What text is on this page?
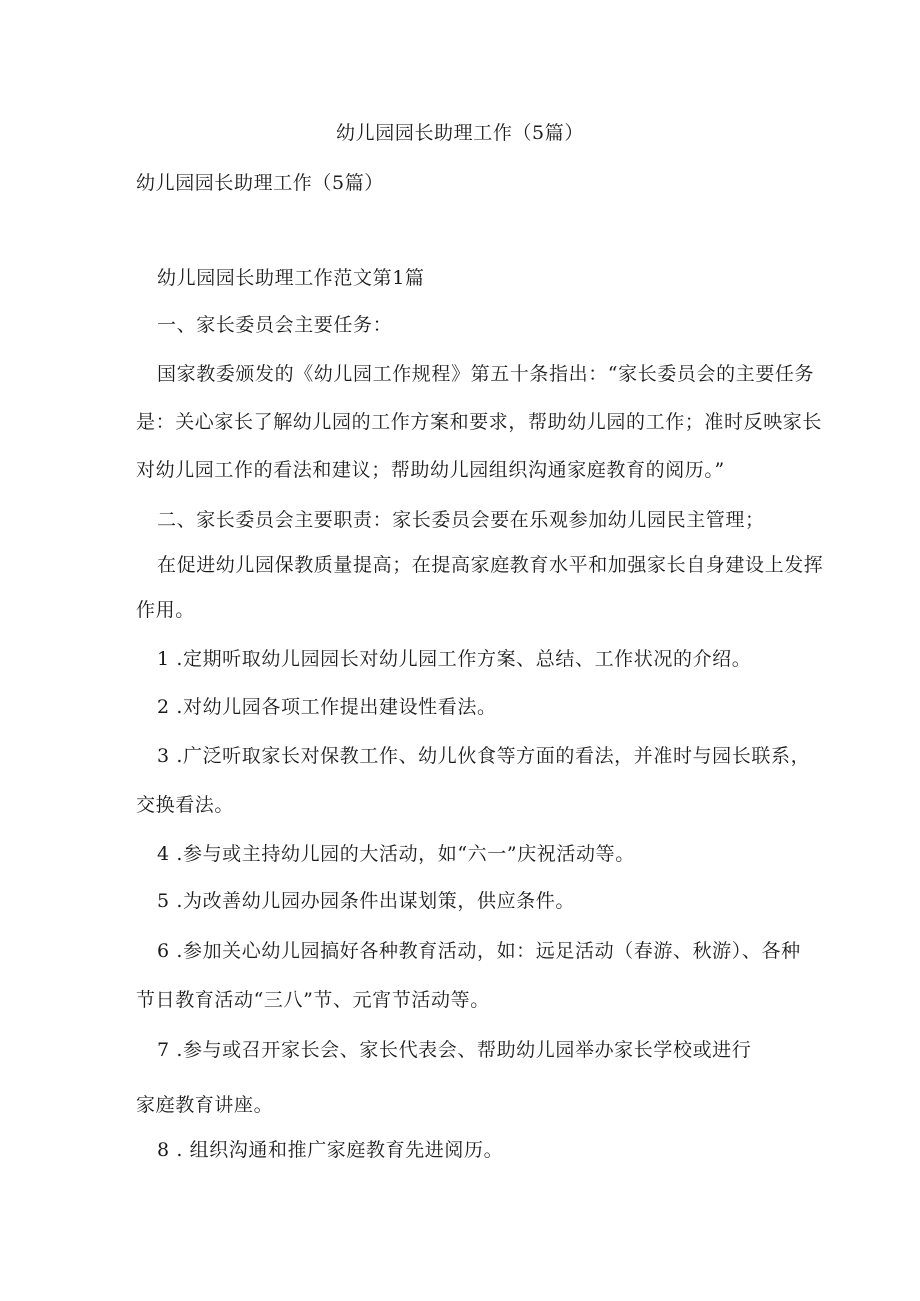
幼儿园园长助理工作（5篇）
幼儿园园长助理工作（5篇）
幼儿园园长助理工作范文第1篇
一、家长委员会主要任务：
国家教委颁发的《幼儿园工作规程》第五十条指出：“家长委员会的主要任务
是：关心家长了解幼儿园的工作方案和要求，帮助幼儿园的工作；准时反映家长
对幼儿园工作的看法和建议；帮助幼儿园组织沟通家庭教育的阅历。”
二、家长委员会主要职责：家长委员会要在乐观参加幼儿园民主管理；
在促进幼儿园保教质量提高；在提高家庭教育水平和加强家长自身建设上发挥
作用。
1 .定期听取幼儿园园长对幼儿园工作方案、总结、工作状况的介绍。
2 .对幼儿园各项工作提出建设性看法。
3 .广泛听取家长对保教工作、幼儿伙食等方面的看法，并准时与园长联系，
交换看法。
4 .参与或主持幼儿园的大活动，如“六一”庆祝活动等。
5 .为改善幼儿园办园条件出谋划策，供应条件。
6 .参加关心幼儿园搞好各种教育活动，如：远足活动（春游、秋游）、各种
节日教育活动“三八”节、元宵节活动等。
7 .参与或召开家长会、家长代表会、帮助幼儿园举办家长学校或进行
家庭教育讲座。
8 . 组织沟通和推广家庭教育先进阅历。
